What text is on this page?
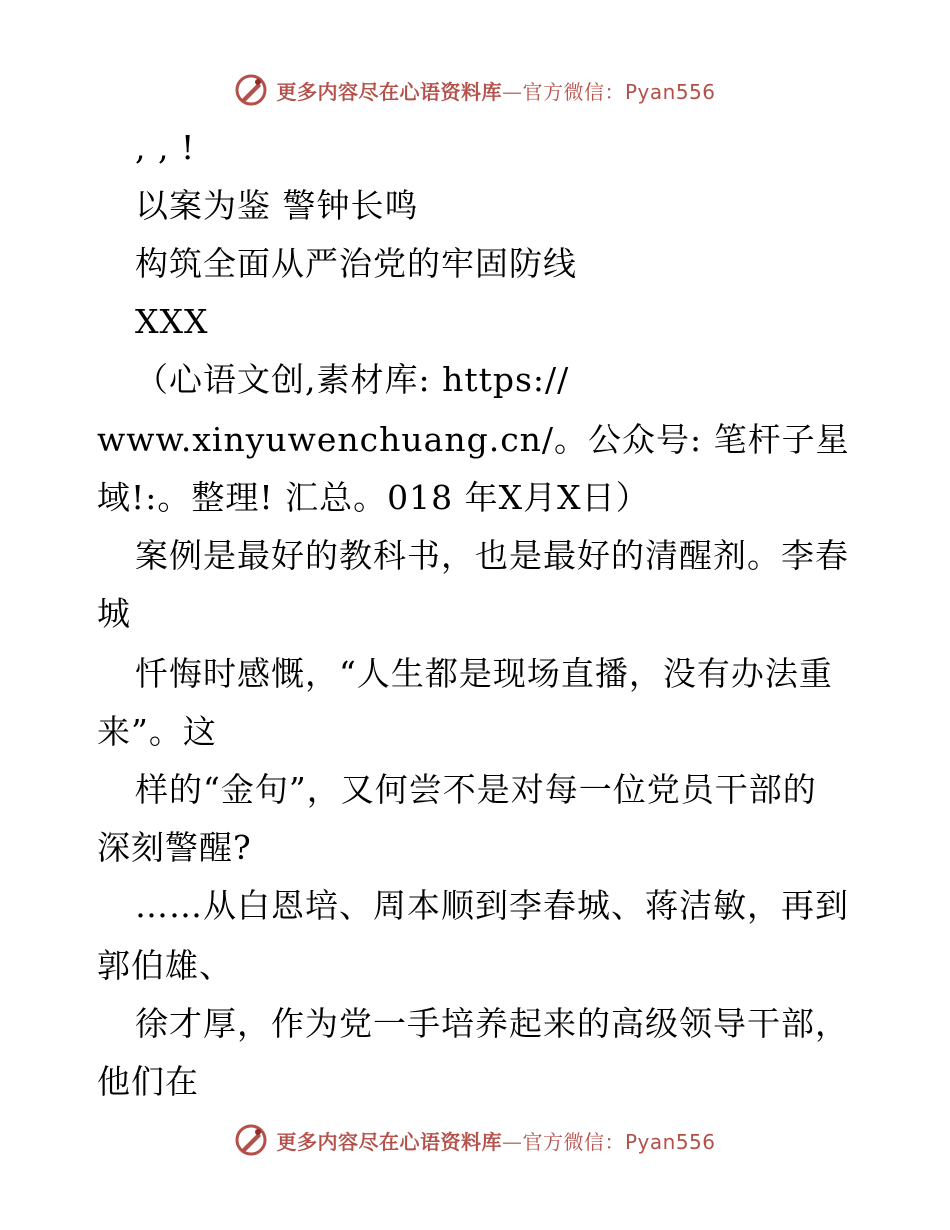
更多内容尽在心语资料库—官方微信：Pyan556
, , !
以案为鉴 警钟长鸣
构筑全面从严治党的牢固防线
XXX
（心语文创,素材库: https://
www.xinyuwenchuang.cn/。公众号: 笔杆子星
域!:。整理! 汇总。018 年X月X日）
案例是最好的教科书，也是最好的清醒剂。李春
城
忏悔时感慨，“人生都是现场直播，没有办法重
来”。这
样的“金句”，又何尝不是对每一位党员干部的
深刻警醒?
……从白恩培、周本顺到李春城、蒋洁敏，再到
郭伯雄、
徐才厚，作为党一手培养起来的高级领导干部，
他们在
更多内容尽在心语资料库—官方微信：Pyan556
